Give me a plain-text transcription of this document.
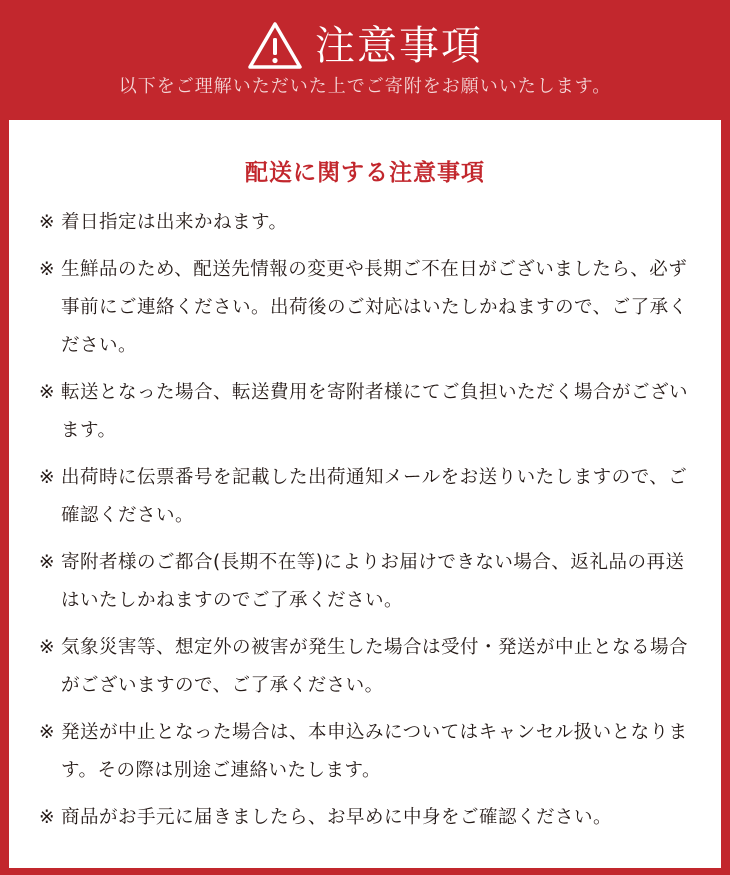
注意事項
以下をご理解いただいた上でご寄附をお願いいたします。
配送に関する注意事項
※ 着日指定は出来かねます。
※ 生鮮品のため、配送先情報の変更や長期ご不在日がございましたら、必ず事前にご連絡ください。出荷後のご対応はいたしかねますので、ご了承ください。
※ 転送となった場合、転送費用を寄附者様にてご負担いただく場合がございます。
※ 出荷時に伝票番号を記載した出荷通知メールをお送りいたしますので、ご確認ください。
※ 寄附者様のご都合(長期不在等)によりお届けできない場合、返礼品の再送はいたしかねますのでご了承ください。
※ 気象災害等、想定外の被害が発生した場合は受付・発送が中止となる場合がございますので、ご了承ください。
※ 発送が中止となった場合は、本申込みについてはキャンセル扱いとなります。その際は別途ご連絡いたします。
※ 商品がお手元に届きましたら、お早めに中身をご確認ください。
